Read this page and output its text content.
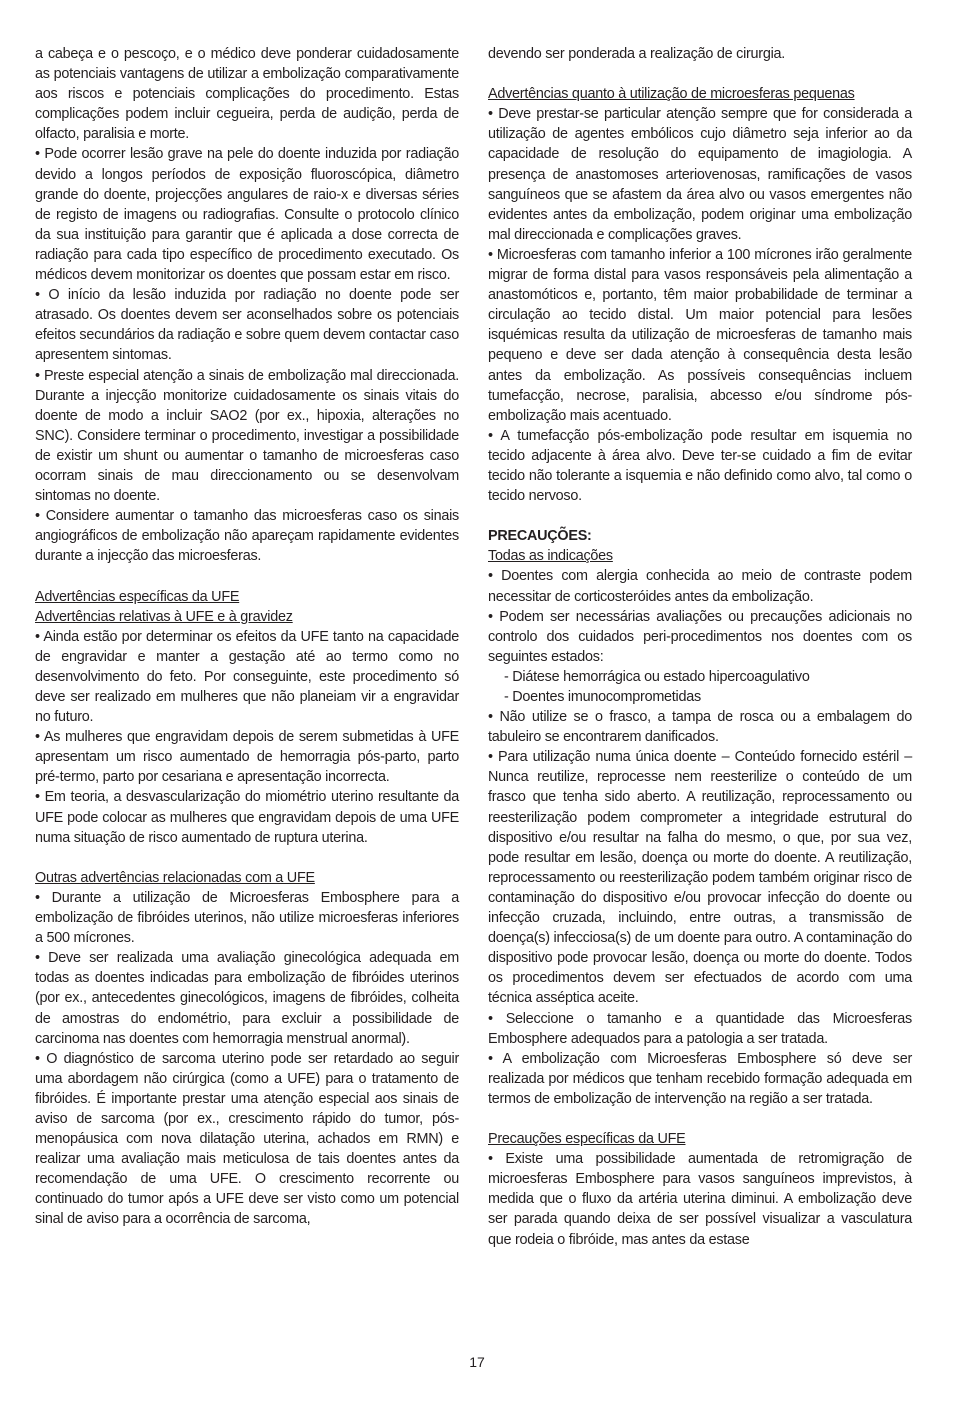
a cabeça e o pescoço, e o médico deve ponderar cuidadosamente as potenciais vantagens de utilizar a embolização comparativamente aos riscos e potenciais complicações do procedimento. Estas complicações podem incluir cegueira, perda de audição, perda de olfacto, paralisia e morte.

• Pode ocorrer lesão grave na pele do doente induzida por radiação devido a longos períodos de exposição fluoroscópica, diâmetro grande do doente, projecções angulares de raio-x e diversas séries de registo de imagens ou radiografias. Consulte o protocolo clínico da sua instituição para garantir que é aplicada a dose correcta de radiação para cada tipo específico de procedimento executado. Os médicos devem monitorizar os doentes que possam estar em risco.

• O início da lesão induzida por radiação no doente pode ser atrasado. Os doentes devem ser aconselhados sobre os potenciais efeitos secundários da radiação e sobre quem devem contactar caso apresentem sintomas.

• Preste especial atenção a sinais de embolização mal direccionada. Durante a injecção monitorize cuidadosamente os sinais vitais do doente de modo a incluir SAO2 (por ex., hipoxia, alterações no SNC). Considere terminar o procedimento, investigar a possibilidade de existir um shunt ou aumentar o tamanho de microesferas caso ocorram sinais de mau direccionamento ou se desenvolvam sintomas no doente.

• Considere aumentar o tamanho das microesferas caso os sinais angiográficos de embolização não apareçam rapidamente evidentes durante a injecção das microesferas.

Advertências específicas da UFE

Advertências relativas à UFE e à gravidez

• Ainda estão por determinar os efeitos da UFE tanto na capacidade de engravidar e manter a gestação até ao termo como no desenvolvimento do feto. Por conseguinte, este procedimento só deve ser realizado em mulheres que não planeiam vir a engravidar no futuro.

• As mulheres que engravidam depois de serem submetidas à UFE apresentam um risco aumentado de hemorragia pós-parto, parto pré-termo, parto por cesariana e apresentação incorrecta.

• Em teoria, a desvascularização do miométrio uterino resultante da UFE pode colocar as mulheres que engravidam depois de uma UFE numa situação de risco aumentado de ruptura uterina.

Outras advertências relacionadas com a UFE

• Durante a utilização de Microesferas Embosphere para a embolização de fibróides uterinos, não utilize microesferas inferiores a 500 mícrones.

• Deve ser realizada uma avaliação ginecológica adequada em todas as doentes indicadas para embolização de fibróides uterinos (por ex., antecedentes ginecológicos, imagens de fibróides, colheita de amostras do endométrio, para excluir a possibilidade de carcinoma nas doentes com hemorragia menstrual anormal).

• O diagnóstico de sarcoma uterino pode ser retardado ao seguir uma abordagem não cirúrgica (como a UFE) para o tratamento de fibróides. É importante prestar uma atenção especial aos sinais de aviso de sarcoma (por ex., crescimento rápido do tumor, pós-menopáusica com nova dilatação uterina, achados em RMN) e realizar uma avaliação mais meticulosa de tais doentes antes da recomendação de uma UFE. O crescimento recorrente ou continuado do tumor após a UFE deve ser visto como um potencial sinal de aviso para a ocorrência de sarcoma,

devendo ser ponderada a realização de cirurgia.

Advertências quanto à utilização de microesferas pequenas

• Deve prestar-se particular atenção sempre que for considerada a utilização de agentes embólicos cujo diâmetro seja inferior ao da capacidade de resolução do equipamento de imagiologia. A presença de anastomoses arteriovenosas, ramificações de vasos sanguíneos que se afastem da área alvo ou vasos emergentes não evidentes antes da embolização, podem originar uma embolização mal direccionada e complicações graves.

• Microesferas com tamanho inferior a 100 mícrones irão geralmente migrar de forma distal para vasos responsáveis pela alimentação a anastomóticos e, portanto, têm maior probabilidade de terminar a circulação ao tecido distal. Um maior potencial para lesões isquémicas resulta da utilização de microesferas de tamanho mais pequeno e deve ser dada atenção à consequência desta lesão antes da embolização. As possíveis consequências incluem tumefacção, necrose, paralisia, abcesso e/ou síndrome pós-embolização mais acentuado.

• A tumefacção pós-embolização pode resultar em isquemia no tecido adjacente à área alvo. Deve ter-se cuidado a fim de evitar tecido não tolerante a isquemia e não definido como alvo, tal como o tecido nervoso.

PRECAUÇÕES:

Todas as indicações

• Doentes com alergia conhecida ao meio de contraste podem necessitar de corticosteróides antes da embolização.

• Podem ser necessárias avaliações ou precauções adicionais no controlo dos cuidados peri-procedimentos nos doentes com os seguintes estados:

- Diátese hemorrágica ou estado hipercoagulativo

- Doentes imunocomprometidas

• Não utilize se o frasco, a tampa de rosca ou a embalagem do tabuleiro se encontrarem danificados.

• Para utilização numa única doente – Conteúdo fornecido estéril – Nunca reutilize, reprocesse nem reesterilize o conteúdo de um frasco que tenha sido aberto. A reutilização, reprocessamento ou reesterilização podem comprometer a integridade estrutural do dispositivo e/ou resultar na falha do mesmo, o que, por sua vez, pode resultar em lesão, doença ou morte do doente. A reutilização, reprocessamento ou reesterilização podem também originar risco de contaminação do dispositivo e/ou provocar infecção do doente ou infecção cruzada, incluindo, entre outras, a transmissão de doença(s) infecciosa(s) de um doente para outro. A contaminação do dispositivo pode provocar lesão, doença ou morte do doente. Todos os procedimentos devem ser efectuados de acordo com uma técnica asséptica aceite.

• Seleccione o tamanho e a quantidade das Microesferas Embosphere adequados para a patologia a ser tratada.

• A embolização com Microesferas Embosphere só deve ser realizada por médicos que tenham recebido formação adequada em termos de embolização de intervenção na região a ser tratada.

Precauções específicas da UFE

• Existe uma possibilidade aumentada de retromigração de microesferas Embosphere para vasos sanguíneos imprevistos, à medida que o fluxo da artéria uterina diminui. A embolização deve ser parada quando deixa de ser possível visualizar a vasculatura que rodeia o fibróide, mas antes da estase

17
